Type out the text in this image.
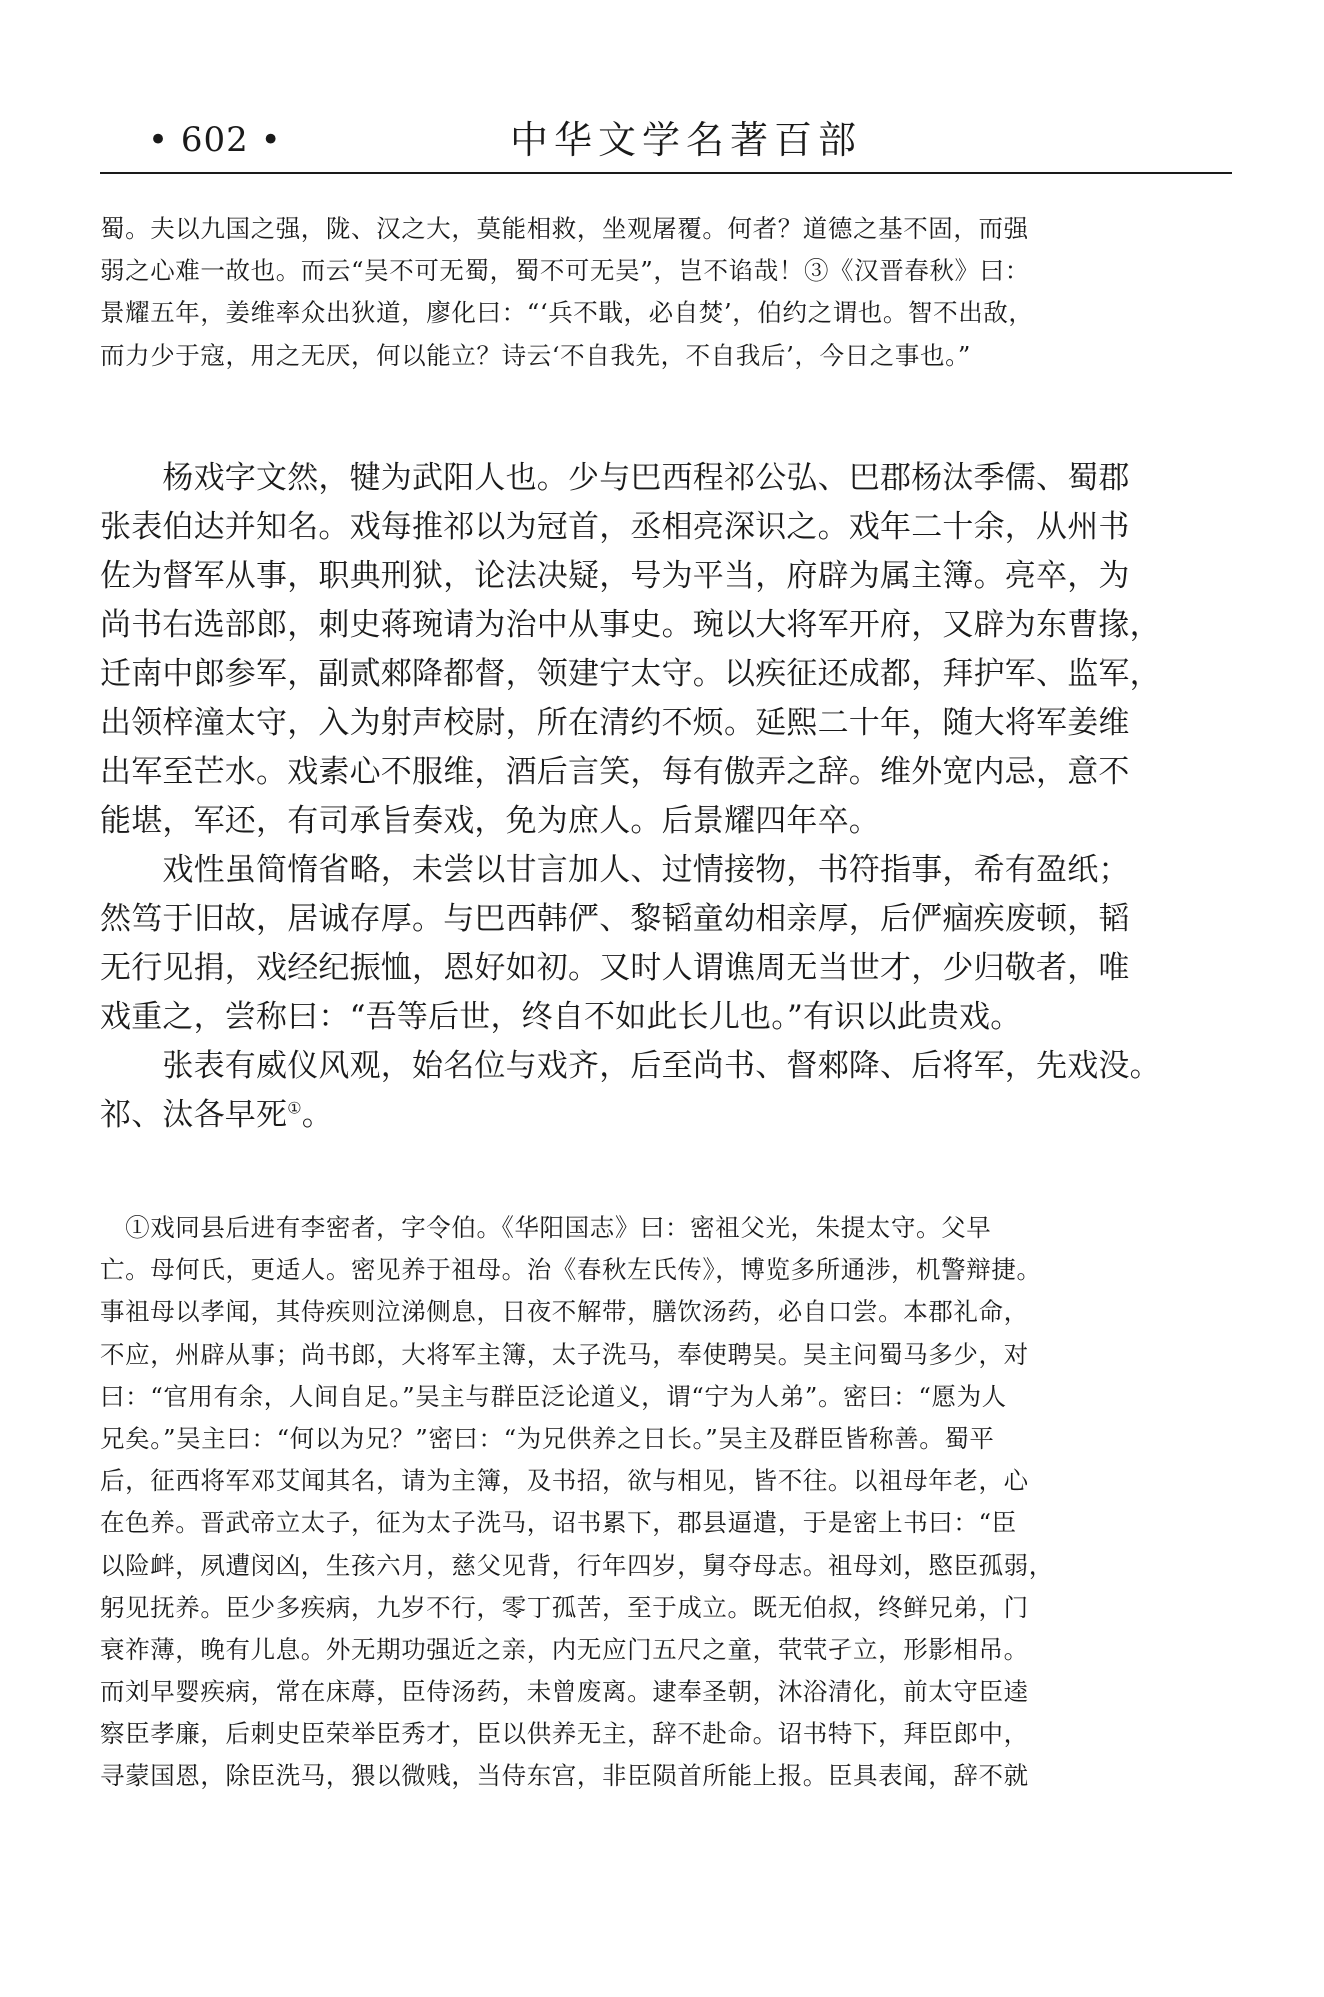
• 602 •	中华文学名著百部
蜀。夫以九国之强，陇、汉之大，莫能相救，坐观屠覆。何者？道德之基不固，而强
弱之心难一故也。而云“吴不可无蜀，蜀不可无吴”，岂不谄哉！③《汉晋春秋》曰：
景耀五年，姜维率众出狄道，廖化曰：“‘兵不戢，必自焚’，伯约之谓也。智不出敌，
而力少于寇，用之无厌，何以能立？诗云‘不自我先，不自我后’，今日之事也。”
　　杨戏字文然，犍为武阳人也。少与巴西程祁公弘、巴郡杨汰季儒、蜀郡
张表伯达并知名。戏每推祁以为冠首，丞相亮深识之。戏年二十余，从州书
佐为督军从事，职典刑狱，论法决疑，号为平当，府辟为属主簿。亮卒，为
尚书右选部郎，刺史蒋琬请为治中从事史。琬以大将军开府，又辟为东曹掾，
迁南中郎参军，副贰郲降都督，领建宁太守。以疾征还成都，拜护军、监军，
出领梓潼太守，入为射声校尉，所在清约不烦。延熙二十年，随大将军姜维
出军至芒水。戏素心不服维，酒后言笑，每有傲弄之辞。维外宽内忌，意不
能堪，军还，有司承旨奏戏，免为庶人。后景耀四年卒。
　　戏性虽简惰省略，未尝以甘言加人、过情接物，书符指事，希有盈纸；
然笃于旧故，居诚存厚。与巴西韩俨、黎韬童幼相亲厚，后俨痼疾废顿，韬
无行见捐，戏经纪振恤，恩好如初。又时人谓谯周无当世才，少归敬者，唯
戏重之，尝称曰：“吾等后世，终自不如此长儿也。”有识以此贵戏。
　　张表有威仪风观，始名位与戏齐，后至尚书、督郲降、后将军，先戏没。
祁、汰各早死①。
　①戏同县后进有李密者，字令伯。《华阳国志》曰：密祖父光，朱提太守。父早
亡。母何氏，更适人。密见养于祖母。治《春秋左氏传》，博览多所通涉，机警辩捷。
事祖母以孝闻，其侍疾则泣涕侧息，日夜不解带，膳饮汤药，必自口尝。本郡礼命，
不应，州辟从事；尚书郎，大将军主簿，太子洗马，奉使聘吴。吴主问蜀马多少，对
曰：“官用有余，人间自足。”吴主与群臣泛论道义，谓“宁为人弟”。密曰：“愿为人
兄矣。”吴主曰：“何以为兄？”密曰：“为兄供养之日长。”吴主及群臣皆称善。蜀平
后，征西将军邓艾闻其名，请为主簿，及书招，欲与相见，皆不往。以祖母年老，心
在色养。晋武帝立太子，征为太子洗马，诏书累下，郡县逼遣，于是密上书曰：“臣
以险衅，夙遭闵凶，生孩六月，慈父见背，行年四岁，舅夺母志。祖母刘，愍臣孤弱，
躬见抚养。臣少多疾病，九岁不行，零丁孤苦，至于成立。既无伯叔，终鲜兄弟，门
衰祚薄，晚有儿息。外无期功强近之亲，内无应门五尺之童，茕茕孑立，形影相吊。
而刘早婴疾病，常在床蓐，臣侍汤药，未曾废离。逮奉圣朝，沐浴清化，前太守臣逵
察臣孝廉，后刺史臣荣举臣秀才，臣以供养无主，辞不赴命。诏书特下，拜臣郎中，
寻蒙国恩，除臣洗马，猥以微贱，当侍东宫，非臣陨首所能上报。臣具表闻，辞不就
